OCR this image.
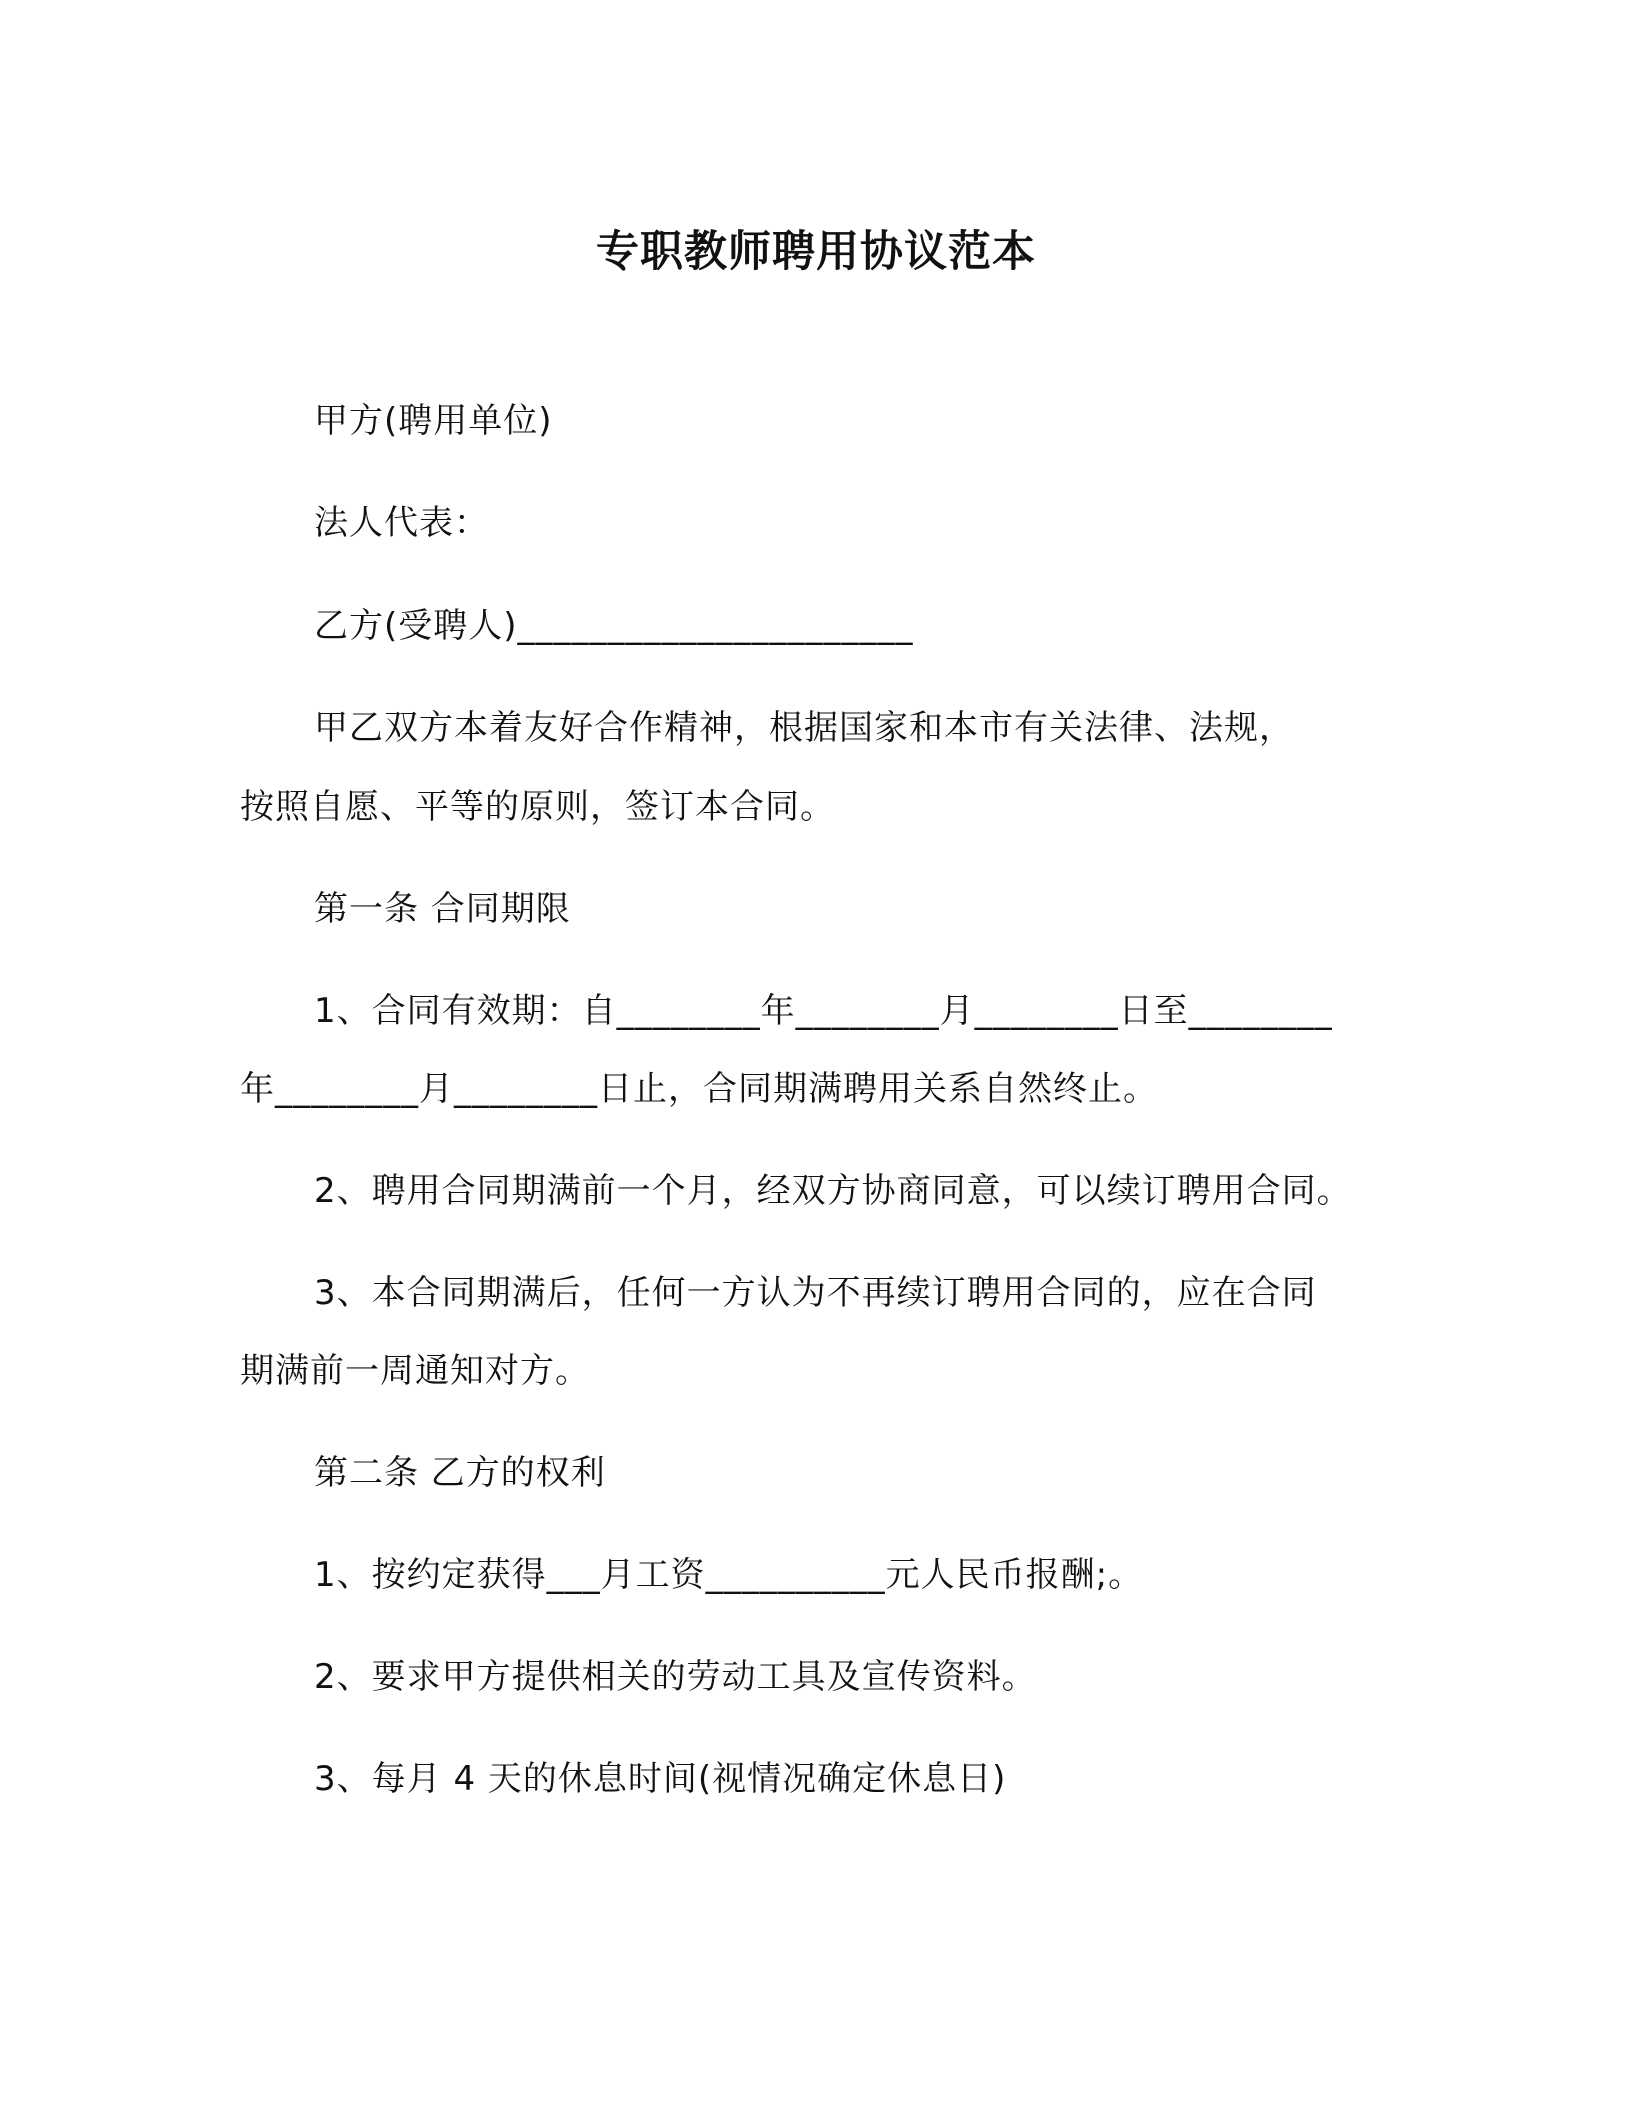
专职教师聘用协议范本
甲方(聘用单位)
法人代表：
乙方(受聘人)______________________
甲乙双方本着友好合作精神，根据国家和本市有关法律、法规，
按照自愿、平等的原则，签订本合同。
第一条 合同期限
1、合同有效期：自________年________月________日至________
年________月________日止，合同期满聘用关系自然终止。
2、聘用合同期满前一个月，经双方协商同意，可以续订聘用合同。
3、本合同期满后，任何一方认为不再续订聘用合同的，应在合同
期满前一周通知对方。
第二条 乙方的权利
1、按约定获得___月工资__________元人民币报酬;。
2、要求甲方提供相关的劳动工具及宣传资料。
3、每月 4 天的休息时间(视情况确定休息日)
